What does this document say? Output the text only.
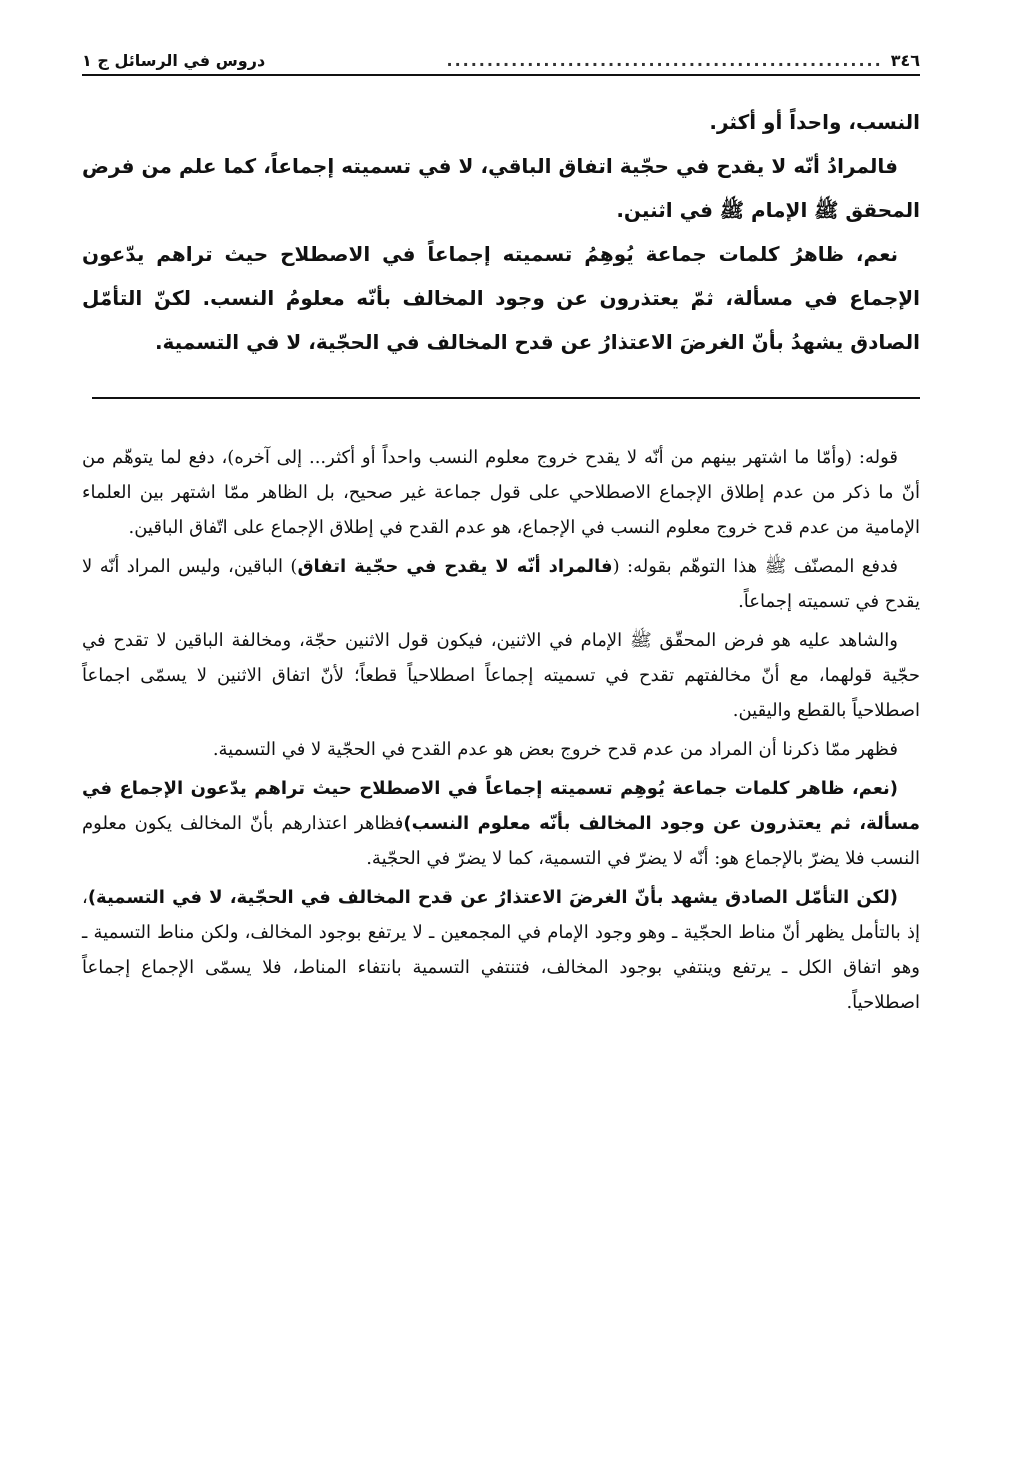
٣٤٦
......................................................
دروس في الرسائل ج ١

النسب، واحداً أو أكثر.

فالمرادُ أنّه لا يقدح في حجّية اتفاق الباقي، لا في تسميته إجماعاً، كما علم من فرض المحقق ﷺ الإمام ﷺ في اثنين.

نعم، ظاهرُ كلمات جماعة يُوهِمُ تسميته إجماعاً في الاصطلاح حيث تراهم يدّعون الإجماع في مسألة، ثمّ يعتذرون عن وجود المخالف بأنّه معلومُ النسب. لكنّ التأمّل الصادق يشهدُ بأنّ الغرضَ الاعتذارُ عن قدح المخالف في الحجّية، لا في التسمية.

قوله: (وأمّا ما اشتهر بينهم من أنّه لا يقدح خروج معلوم النسب واحداً أو أكثر... إلى آخره)، دفع لما يتوهّم من أنّ ما ذكر من عدم إطلاق الإجماع الاصطلاحي على قول جماعة غير صحيح، بل الظاهر ممّا اشتهر بين العلماء الإمامية من عدم قدح خروج معلوم النسب في الإجماع، هو عدم القدح في إطلاق الإجماع على اتّفاق الباقين.

فدفع المصنّف ﷺ هذا التوهّم بقوله: (فالمراد أنّه لا يقدح في حجّية اتفاق) الباقين، وليس المراد أنّه لا يقدح في تسميته إجماعاً.

والشاهد عليه هو فرض المحقّق ﷺ الإمام في الاثنين، فيكون قول الاثنين حجّة، ومخالفة الباقين لا تقدح في حجّية قولهما، مع أنّ مخالفتهم تقدح في تسميته إجماعاً اصطلاحياً قطعاً؛ لأنّ اتفاق الاثنين لا يسمّى اجماعاً اصطلاحياً بالقطع واليقين.

فظهر ممّا ذكرنا أن المراد من عدم قدح خروج بعض هو عدم القدح في الحجّية لا في التسمية.

(نعم، ظاهر كلمات جماعة يُوهِم تسميته إجماعاً في الاصطلاح حيث تراهم يدّعون الإجماع في مسألة، ثم يعتذرون عن وجود المخالف بأنّه معلوم النسب)فظاهر اعتذارهم بأنّ المخالف يكون معلوم النسب فلا يضرّ بالإجماع هو: أنّه لا يضرّ في التسمية، كما لا يضرّ في الحجّية.

(لكن التأمّل الصادق يشهد بأنّ الغرضَ الاعتذارُ عن قدح المخالف في الحجّية، لا في التسمية)، إذ بالتأمل يظهر أنّ مناط الحجّية ـ وهو وجود الإمام في المجمعين ـ لا يرتفع بوجود المخالف، ولكن مناط التسمية ـ وهو اتفاق الكل ـ يرتفع وينتفي بوجود المخالف، فتنتفي التسمية بانتفاء المناط، فلا يسمّى الإجماع إجماعاً اصطلاحياً.
